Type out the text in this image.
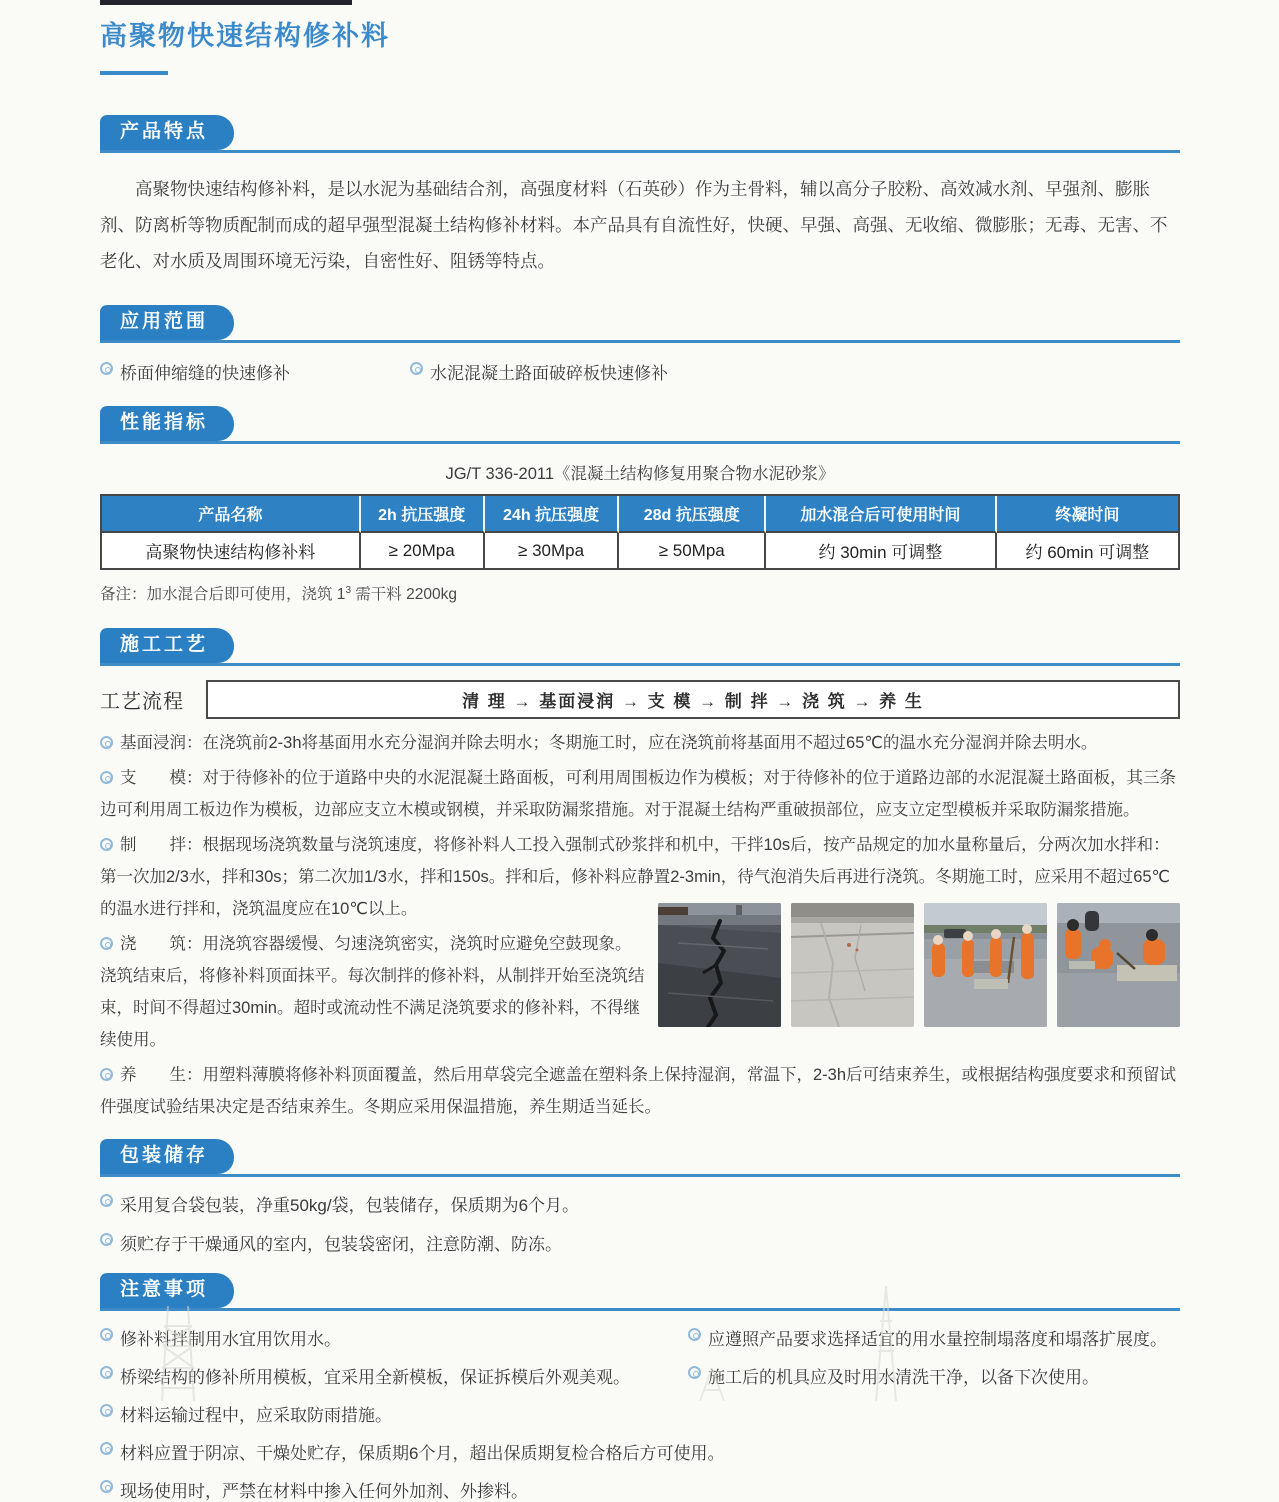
高聚物快速结构修补料
产品特点

高聚物快速结构修补料，是以水泥为基础结合剂，高强度材料（石英砂）作为主骨料，辅以高分子胶粉、高效减水剂、早强剂、膨胀剂、防离析等物质配制而成的超早强型混凝土结构修补材料。本产品具有自流性好，快硬、早强、高强、无收缩、微膨胀；无毒、无害、不老化、对水质及周围环境无污染，自密性好、阻锈等特点。

应用范围
桥面伸缩缝的快速修补	水泥混凝土路面破碎板快速修补
性能指标
JG/T 336-2011《混凝土结构修复用聚合物水泥砂浆》
产品名称	2h 抗压强度	24h 抗压强度	28d 抗压强度	加水混合后可使用时间	终凝时间
高聚物快速结构修补料	≥ 20Mpa	≥ 30Mpa	≥ 50Mpa	约 30min 可调整	约 60min 可调整
备注：加水混合后即可使用，浇筑 $1^3$ 需干料 2200kg
施工工艺
工艺流程	清 理 → 基面浸润 → 支 模 → 制 拌 → 浇 筑 → 养 生

基面浸润：在浇筑前2-3h将基面用水充分湿润并除去明水；冬期施工时，应在浇筑前将基面用不超过65℃的温水充分湿润并除去明水。

支　　模：对于待修补的位于道路中央的水泥混凝土路面板，可利用周围板边作为模板；对于待修补的位于道路边部的水泥混凝土路面板，其三条边可利用周工板边作为模板，边部应支立木模或钢模，并采取防漏浆措施。对于混凝土结构严重破损部位，应支立定型模板并采取防漏浆措施。

制　　拌：根据现场浇筑数量与浇筑速度，将修补料人工投入强制式砂浆拌和机中，干拌10s后，按产品规定的加水量称量后，分两次加水拌和：第一次加2/3水，拌和30s；第二次加1/3水，拌和150s。拌和后，修补料应静置2-3min，待气泡消失后再进行浇筑。冬期施工时，应采用不超过65℃的温水进行拌和，浇筑温度应在10℃以上。

浇　　筑：用浇筑容器缓慢、匀速浇筑密实，浇筑时应避免空鼓现象。浇筑结束后，将修补料顶面抹平。每次制拌的修补料，从制拌开始至浇筑结束，时间不得超过30min。超时或流动性不满足浇筑要求的修补料，不得继续使用。

养　　生：用塑料薄膜将修补料顶面覆盖，然后用草袋完全遮盖在塑料条上保持湿润，常温下，2-3h后可结束养生，或根据结构强度要求和预留试件强度试验结果决定是否结束养生。冬期应采用保温措施，养生期适当延长。

包装储存
采用复合袋包装，净重50kg/袋，包装储存，保质期为6个月。
须贮存于干燥通风的室内，包装袋密闭，注意防潮、防冻。
注意事项
修补料拌制用水宜用饮用水。	应遵照产品要求选择适宜的用水量控制塌落度和塌落扩展度。
桥梁结构的修补所用模板，宜采用全新模板，保证拆模后外观美观。	施工后的机具应及时用水清洗干净，以备下次使用。
材料运输过程中，应采取防雨措施。
材料应置于阴凉、干燥处贮存，保质期6个月，超出保质期复检合格后方可使用。
现场使用时，严禁在材料中掺入任何外加剂、外掺料。
